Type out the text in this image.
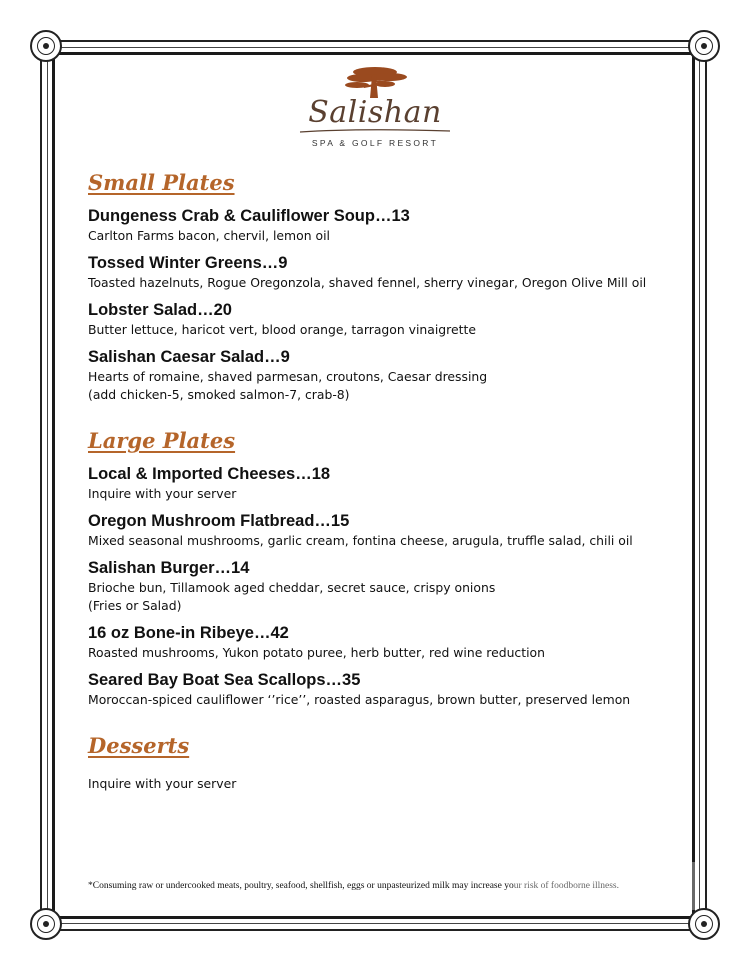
Salishan
SPA & GOLF RESORT
Small Plates
Dungeness Crab & Cauliflower Soup…13
Carlton Farms bacon, chervil, lemon oil
Tossed Winter Greens…9
Toasted hazelnuts, Rogue Oregonzola, shaved fennel, sherry vinegar, Oregon Olive Mill oil
Lobster Salad…20
Butter lettuce, haricot vert, blood orange, tarragon vinaigrette
Salishan Caesar Salad…9
Hearts of romaine, shaved parmesan, croutons, Caesar dressing
(add chicken-5, smoked salmon-7, crab-8)
Large Plates
Local & Imported Cheeses…18
Inquire with your server
Oregon Mushroom Flatbread…15
Mixed seasonal mushrooms, garlic cream, fontina cheese, arugula, truffle salad, chili oil
Salishan Burger…14
Brioche bun, Tillamook aged cheddar, secret sauce, crispy onions
(Fries or Salad)
16 oz Bone-in Ribeye…42
Roasted mushrooms, Yukon potato puree, herb butter, red wine reduction
Seared Bay Boat Sea Scallops…35
Moroccan-spiced cauliflower ‘’rice’’, roasted asparagus, brown butter, preserved lemon
Desserts
Inquire with your server
*Consuming raw or undercooked meats, poultry, seafood, shellfish, eggs or unpasteurized milk may increase your risk of foodborne illness.
